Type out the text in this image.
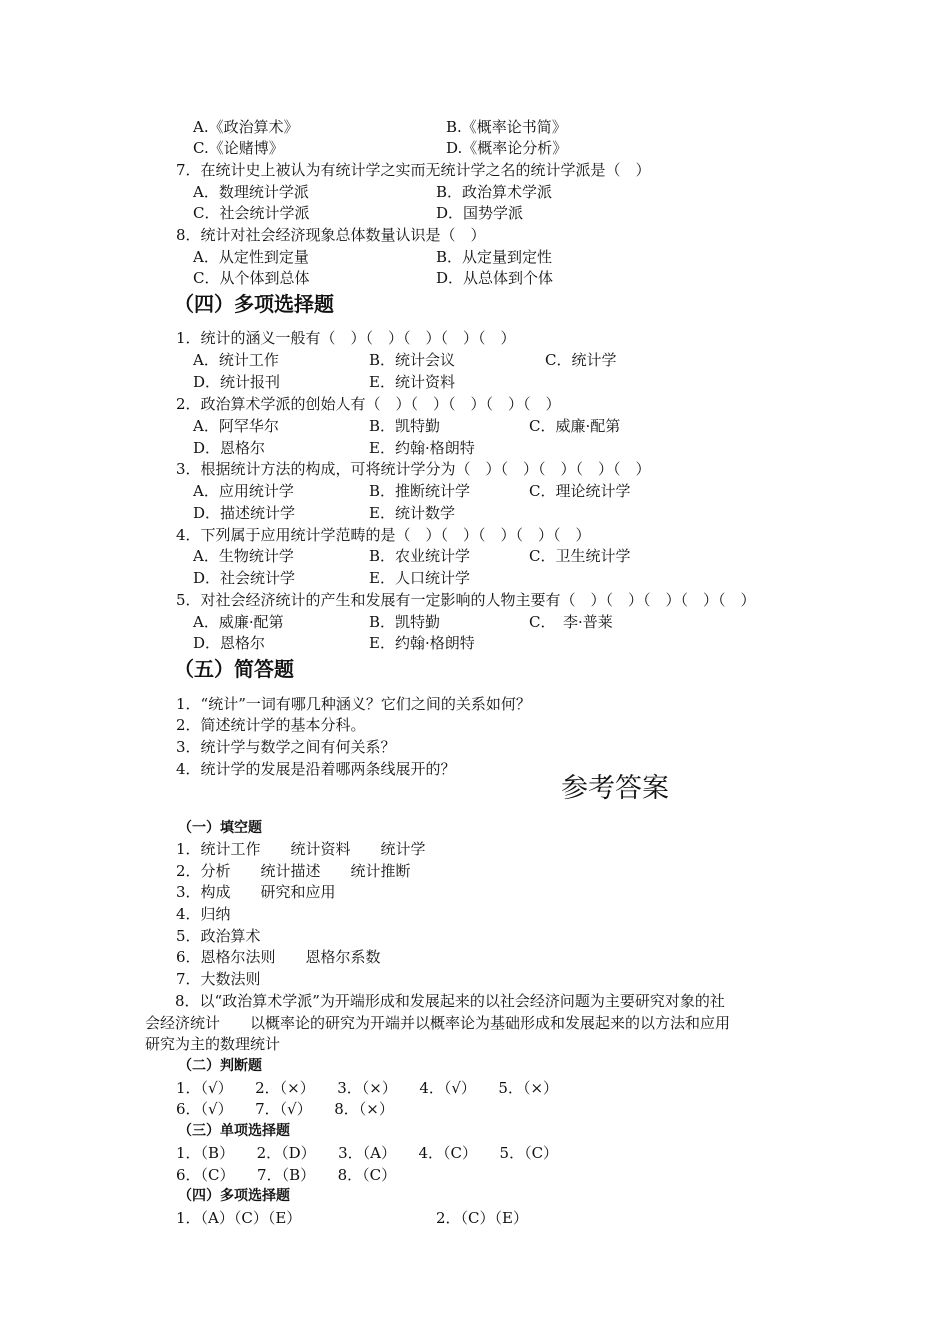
A.《政治算术》	B.《概率论书简》
C.《论赌博》	D.《概率论分析》
7．在统计史上被认为有统计学之实而无统计学之名的统计学派是（　）
A．数理统计学派	B．政治算术学派
C．社会统计学派	D．国势学派
8．统计对社会经济现象总体数量认识是（　）
A．从定性到定量	B．从定量到定性
C．从个体到总体	D．从总体到个体
（四）多项选择题
1．统计的涵义一般有（　）（　）（　）（　）（　）
A．统计工作	B．统计会议	C．统计学
D．统计报刊	E．统计资料
2．政治算术学派的创始人有（　）（　）（　）（　）（　）
A．阿罕华尔	B．凯特勤	C．威廉·配第
D．恩格尔	E．约翰·格朗特
3．根据统计方法的构成，可将统计学分为（　）（　）（　）（　）（　）
A．应用统计学	B．推断统计学	C．理论统计学
D．描述统计学	E．统计数学
4．下列属于应用统计学范畴的是（　）（　）（　）（　）（　）
A．生物统计学	B．农业统计学	C．卫生统计学
D．社会统计学	E．人口统计学
5．对社会经济统计的产生和发展有一定影响的人物主要有（　）（　）（　）（　）（　）
A．威廉·配第	B．凯特勤	C．　李·普莱
D．恩格尔	E．约翰·格朗特
（五）简答题
1．“统计”一词有哪几种涵义？它们之间的关系如何？
2．简述统计学的基本分科。
3．统计学与数学之间有何关系？
4．统计学的发展是沿着哪两条线展开的？
参考答案
（一）填空题
1．统计工作　　统计资料　　统计学
2．分析　　统计描述　　统计推断
3．构成　　研究和应用
4．归纳
5．政治算术
6．恩格尔法则　　恩格尔系数
7．大数法则
　　8．以“政治算术学派”为开端形成和发展起来的以社会经济问题为主要研究对象的社
会经济统计　　以概率论的研究为开端并以概率论为基础形成和发展起来的以方法和应用
研究为主的数理统计
（二）判断题
1．（√）　　2．（×）　　3．（×）　　4．（√）　　5．（×）
6．（√）　　7．（√）　　8．（×）
（三）单项选择题
1．（B）　　2．（D）　　3．（A）　　4．（C）　　5．（C）
6．（C）　　7．（B）　　8．（C）
（四）多项选择题
1．（A）（C）（E）	2．（C）（E）
